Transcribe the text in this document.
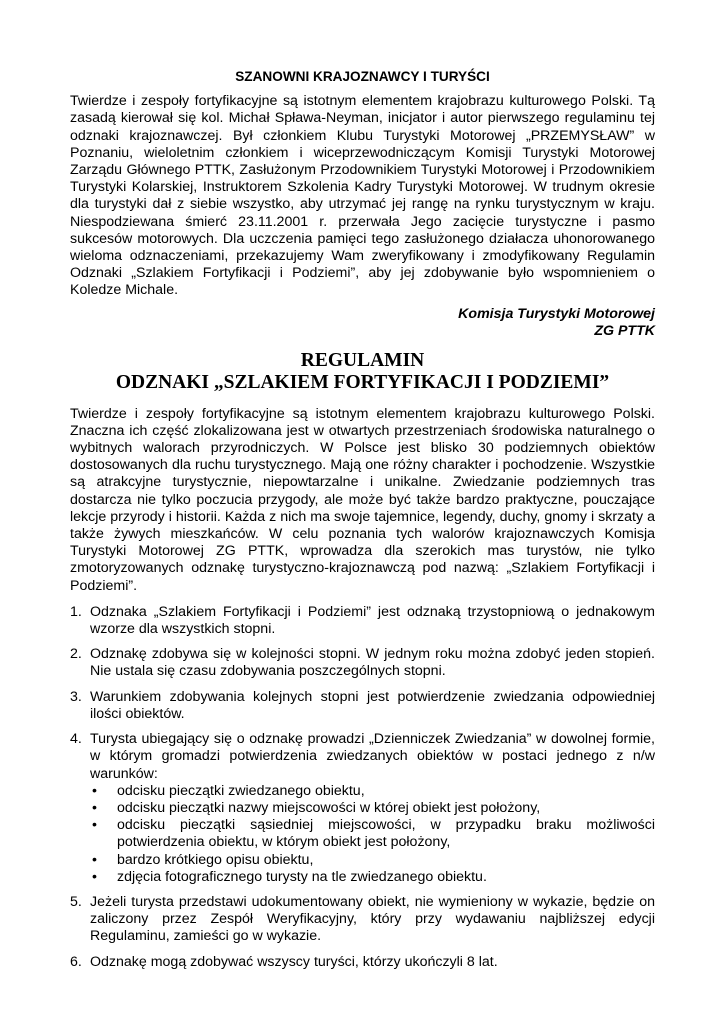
SZANOWNI KRAJOZNAWCY I TURYŚCI

Twierdze i zespoły fortyfikacyjne są istotnym elementem krajobrazu kulturowego Polski. Tą zasadą kierował się kol. Michał Spława-Neyman, inicjator i autor pierwszego regulaminu tej odznaki krajoznawczej. Był członkiem Klubu Turystyki Motorowej „PRZEMYSŁAW” w Poznaniu, wieloletnim członkiem i wiceprzewodniczącym Komisji Turystyki Motorowej Zarządu Głównego PTTK, Zasłużonym Przodownikiem Turystyki Motorowej i Przodownikiem Turystyki Kolarskiej, Instruktorem Szkolenia Kadry Turystyki Motorowej. W trudnym okresie dla turystyki dał z siebie wszystko, aby utrzymać jej rangę na rynku turystycznym w kraju. Niespodziewana śmierć 23.11.2001 r. przerwała Jego zacięcie turystyczne i pasmo sukcesów motorowych. Dla uczczenia pamięci tego zasłużonego działacza uhonorowanego wieloma odznaczeniami, przekazujemy Wam zweryfikowany i zmodyfikowany Regulamin Odznaki „Szlakiem Fortyfikacji i Podziemi”, aby jej zdobywanie było wspomnieniem o Koledze Michale.

Komisja Turystyki Motorowej
ZG PTTK
REGULAMIN
ODZNAKI „SZLAKIEM FORTYFIKACJI I PODZIEMI”

Twierdze i zespoły fortyfikacyjne są istotnym elementem krajobrazu kulturowego Polski. Znaczna ich część zlokalizowana jest w otwartych przestrzeniach środowiska naturalnego o wybitnych walorach przyrodniczych. W Polsce jest blisko 30 podziemnych obiektów dostosowanych dla ruchu turystycznego. Mają one różny charakter i pochodzenie. Wszystkie są atrakcyjne turystycznie, niepowtarzalne i unikalne. Zwiedzanie podziemnych tras dostarcza nie tylko poczucia przygody, ale może być także bardzo praktyczne, pouczające lekcje przyrody i historii. Każda z nich ma swoje tajemnice, legendy, duchy, gnomy i skrzaty a także żywych mieszkańców. W celu poznania tych walorów krajoznawczych Komisja Turystyki Motorowej ZG PTTK, wprowadza dla szerokich mas turystów, nie tylko zmotoryzowanych odznakę turystyczno-krajoznawczą pod nazwą: „Szlakiem Fortyfikacji i Podziemi”.

1. Odznaka „Szlakiem Fortyfikacji i Podziemi” jest odznaką trzystopniową o jednakowym wzorze dla wszystkich stopni.
2. Odznakę zdobywa się w kolejności stopni. W jednym roku można zdobyć jeden stopień. Nie ustala się czasu zdobywania poszczególnych stopni.
3. Warunkiem zdobywania kolejnych stopni jest potwierdzenie zwiedzania odpowiedniej ilości obiektów.
4. Turysta ubiegający się o odznakę prowadzi „Dzienniczek Zwiedzania” w dowolnej formie, w którym gromadzi potwierdzenia zwiedzanych obiektów w postaci jednego z n/w warunków:
• odcisku pieczątki zwiedzanego obiektu,
• odcisku pieczątki nazwy miejscowości w której obiekt jest położony,
• odcisku pieczątki sąsiedniej miejscowości, w przypadku braku możliwości potwierdzenia obiektu, w którym obiekt jest położony,
• bardzo krótkiego opisu obiektu,
• zdjęcia fotograficznego turysty na tle zwiedzanego obiektu.
5. Jeżeli turysta przedstawi udokumentowany obiekt, nie wymieniony w wykazie, będzie on zaliczony przez Zespół Weryfikacyjny, który przy wydawaniu najbliższej edycji Regulaminu, zamieści go w wykazie.
6. Odznakę mogą zdobywać wszyscy turyści, którzy ukończyli 8 lat.
